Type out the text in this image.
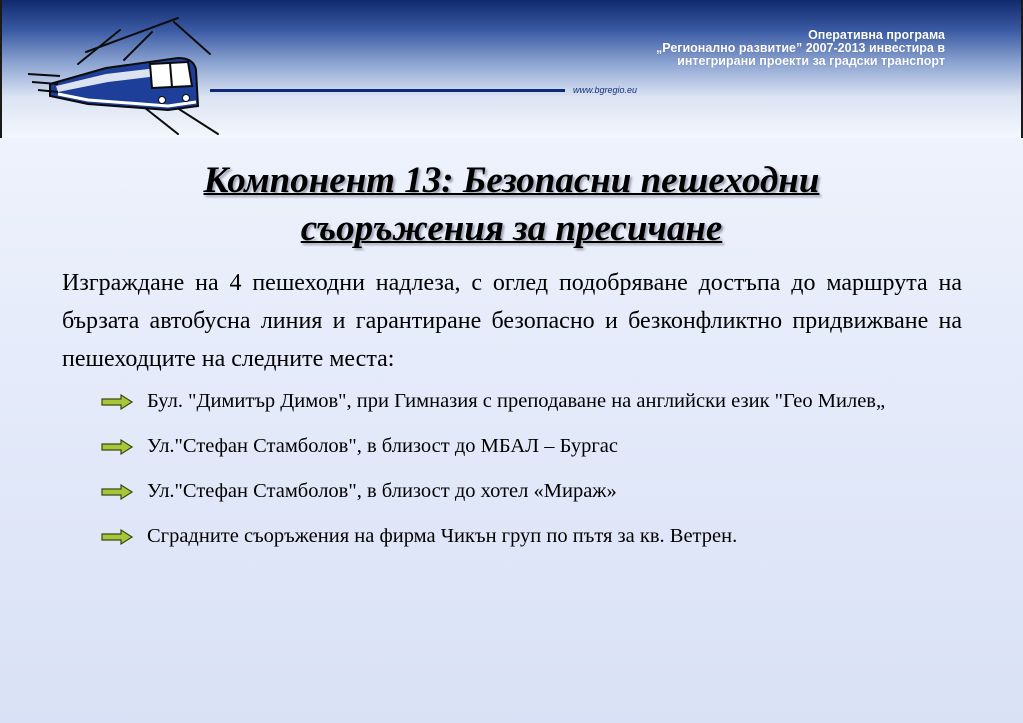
Оперативна програма
„Регионално развитие” 2007-2013 инвестира в
интегрирани проекти за градски транспорт
www.bgregio.eu
Компонент 13: Безопасни пешеходни
съоръжения за пресичане
Изграждане на 4 пешеходни надлеза, с оглед подобряване достъпа до маршрута на бързата автобусна линия и гарантиране безопасно и безконфликтно придвижване на пешеходците на следните места:
Бул. "Димитър Димов", при Гимназия с преподаване на английски език "Гео Милев„
Ул."Стефан Стамболов", в близост до МБАЛ – Бургас
Ул."Стефан Стамболов", в близост до хотел «Мираж»
Сградните съоръжения на фирма Чикън груп по пътя за кв. Ветрен.
